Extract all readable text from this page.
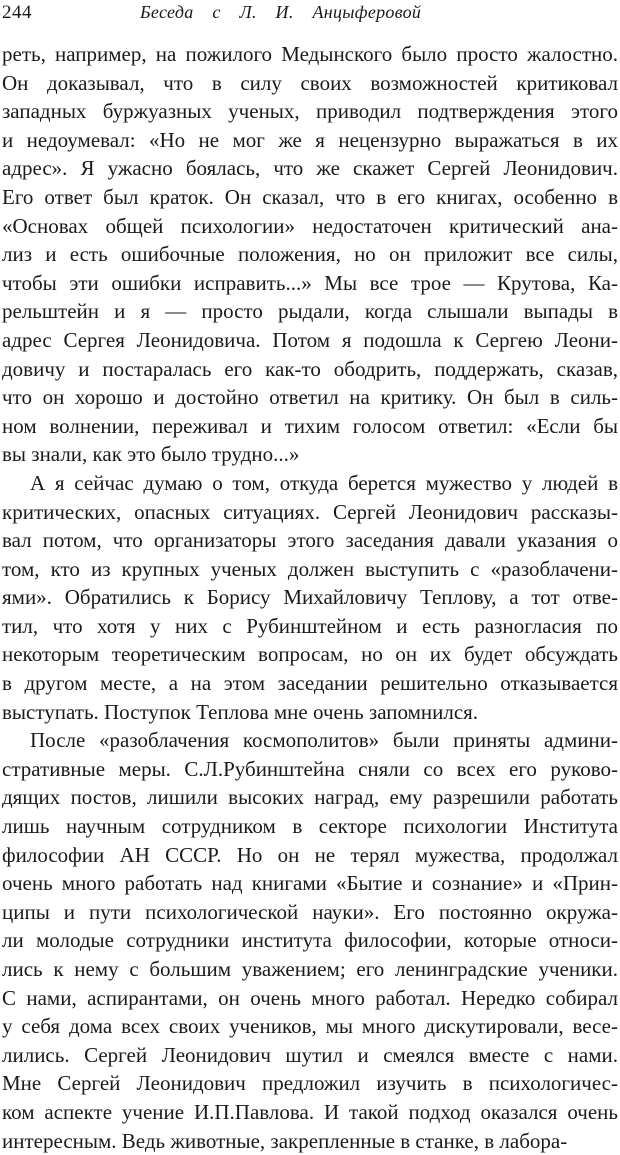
244	Беседа с Л. И. Анцыферовой
реть, например, на пожилого Медынского было просто жалостно.
Он доказывал, что в силу своих возможностей критиковал
западных буржуазных ученых, приводил подтверждения этого
и недоумевал: «Но не мог же я нецензурно выражаться в их
адрес». Я ужасно боялась, что же скажет Сергей Леонидович.
Его ответ был краток. Он сказал, что в его книгах, особенно в
«Основах общей психологии» недостаточен критический ана-
лиз и есть ошибочные положения, но он приложит все силы,
чтобы эти ошибки исправить...» Мы все трое — Крутова, Ка-
рельштейн и я — просто рыдали, когда слышали выпады в
адрес Сергея Леонидовича. Потом я подошла к Сергею Леони-
довичу и постаралась его как-то ободрить, поддержать, сказав,
что он хорошо и достойно ответил на критику. Он был в силь-
ном волнении, переживал и тихим голосом ответил: «Если бы
вы знали, как это было трудно...»
А я сейчас думаю о том, откуда берется мужество у людей в
критических, опасных ситуациях. Сергей Леонидович рассказы-
вал потом, что организаторы этого заседания давали указания о
том, кто из крупных ученых должен выступить с «разоблачени-
ями». Обратились к Борису Михайловичу Теплову, а тот отве-
тил, что хотя у них с Рубинштейном и есть разногласия по
некоторым теоретическим вопросам, но он их будет обсуждать
в другом месте, а на этом заседании решительно отказывается
выступать. Поступок Теплова мне очень запомнился.
После «разоблачения космополитов» были приняты админи-
стративные меры. С.Л.Рубинштейна сняли со всех его руково-
дящих постов, лишили высоких наград, ему разрешили работать
лишь научным сотрудником в секторе психологии Института
философии АН СССР. Но он не терял мужества, продолжал
очень много работать над книгами «Бытие и сознание» и «Прин-
ципы и пути психологической науки». Его постоянно окружа-
ли молодые сотрудники института философии, которые относи-
лись к нему с большим уважением; его ленинградские ученики.
С нами, аспирантами, он очень много работал. Нередко собирал
у себя дома всех своих учеников, мы много дискутировали, весе-
лились. Сергей Леонидович шутил и смеялся вместе с нами.
Мне Сергей Леонидович предложил изучить в психологичес-
ком аспекте учение И.П.Павлова. И такой подход оказался очень
интересным. Ведь животные, закрепленные в станке, в лабора-
